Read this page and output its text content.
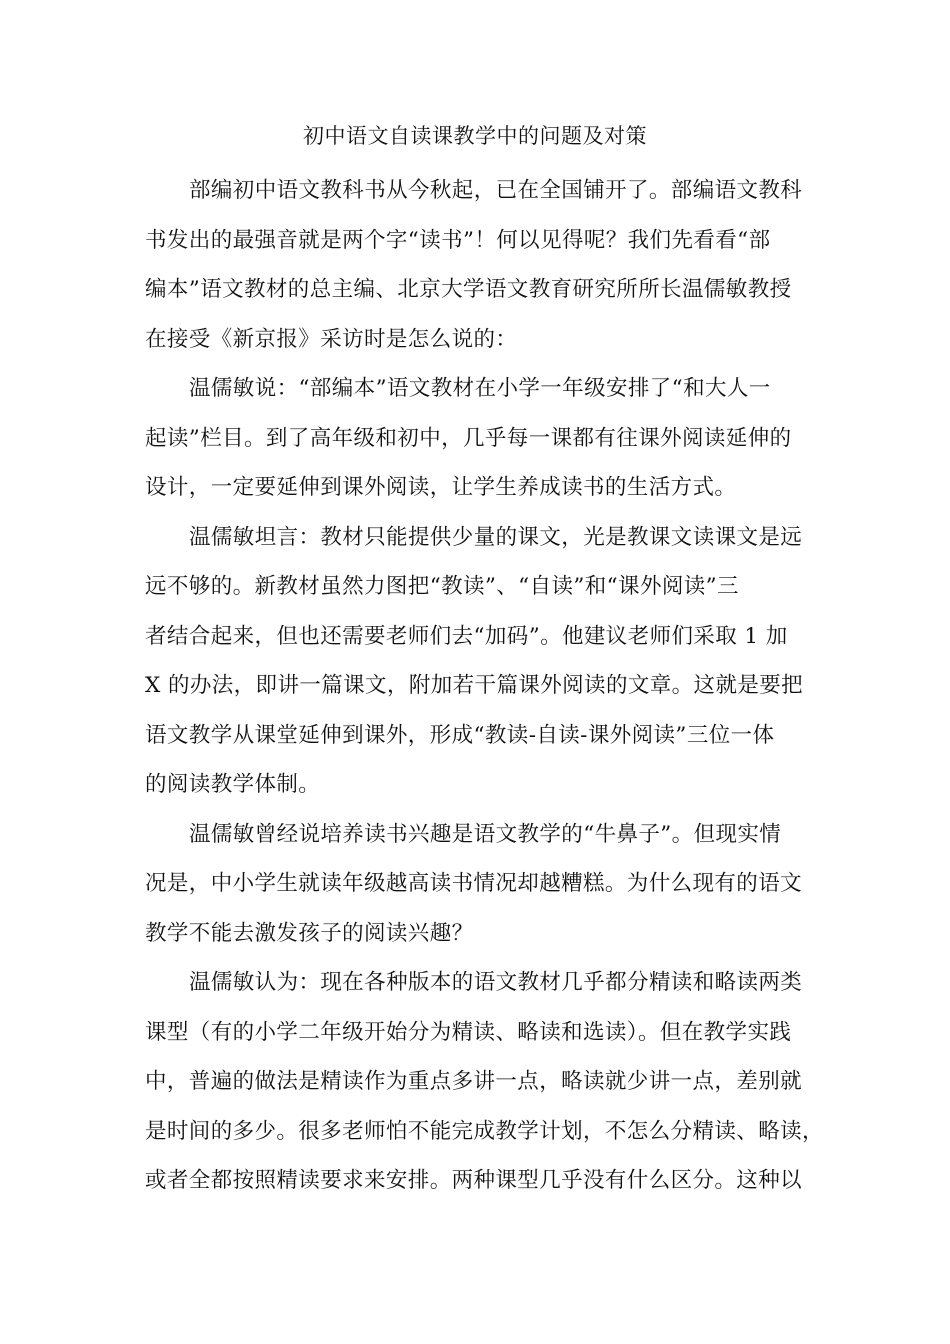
初中语文自读课教学中的问题及对策
部编初中语文教科书从今秋起，已在全国铺开了。部编语文教科
书发出的最强音就是两个字“读书”！何以见得呢？我们先看看“部
编本”语文教材的总主编、北京大学语文教育研究所所长温儒敏教授
在接受《新京报》采访时是怎么说的：
温儒敏说：“部编本”语文教材在小学一年级安排了“和大人一
起读”栏目。到了高年级和初中，几乎每一课都有往课外阅读延伸的
设计，一定要延伸到课外阅读，让学生养成读书的生活方式。
温儒敏坦言：教材只能提供少量的课文，光是教课文读课文是远
远不够的。新教材虽然力图把“教读”、“自读”和“课外阅读”三
者结合起来，但也还需要老师们去“加码”。他建议老师们采取 1 加
X 的办法，即讲一篇课文，附加若干篇课外阅读的文章。这就是要把
语文教学从课堂延伸到课外，形成“教读-自读-课外阅读”三位一体
的阅读教学体制。
温儒敏曾经说培养读书兴趣是语文教学的“牛鼻子”。但现实情
况是，中小学生就读年级越高读书情况却越糟糕。为什么现有的语文
教学不能去激发孩子的阅读兴趣？
温儒敏认为：现在各种版本的语文教材几乎都分精读和略读两类
课型（有的小学二年级开始分为精读、略读和选读）。但在教学实践
中，普遍的做法是精读作为重点多讲一点，略读就少讲一点，差别就
是时间的多少。很多老师怕不能完成教学计划，不怎么分精读、略读，
或者全都按照精读要求来安排。两种课型几乎没有什么区分。这种以
